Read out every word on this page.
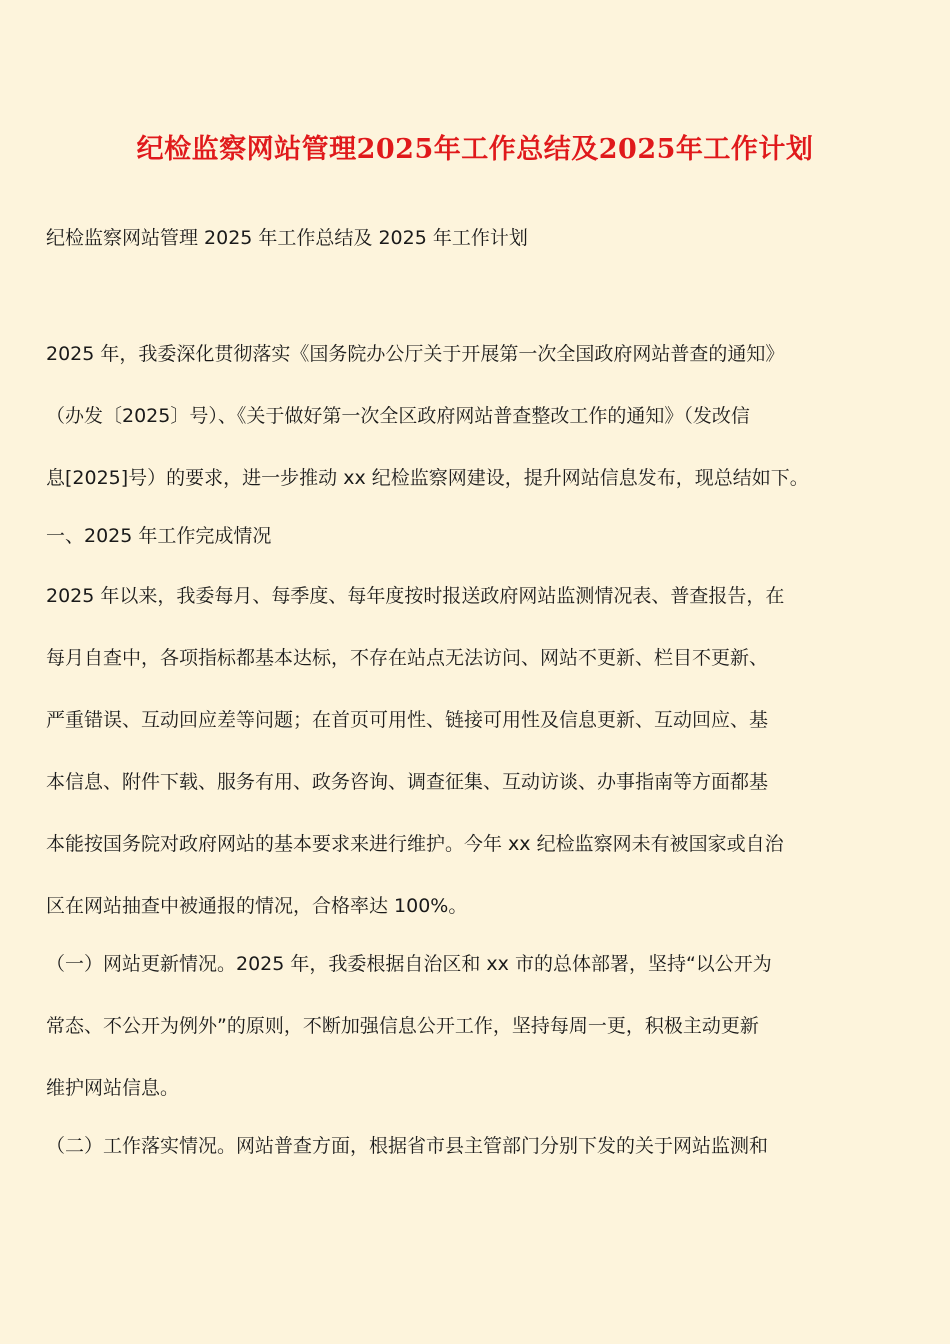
纪检监察网站管理2025年工作总结及2025年工作计划
纪检监察网站管理 2025 年工作总结及 2025 年工作计划
2025 年，我委深化贯彻落实《国务院办公厅关于开展第一次全国政府网站普查的通知》
（办发〔2025〕号）、《关于做好第一次全区政府网站普查整改工作的通知》（发改信
息[2025]号）的要求，进一步推动 xx 纪检监察网建设，提升网站信息发布，现总结如下。
一、2025 年工作完成情况
2025 年以来，我委每月、每季度、每年度按时报送政府网站监测情况表、普查报告，在
每月自查中，各项指标都基本达标，不存在站点无法访问、网站不更新、栏目不更新、
严重错误、互动回应差等问题；在首页可用性、链接可用性及信息更新、互动回应、基
本信息、附件下载、服务有用、政务咨询、调查征集、互动访谈、办事指南等方面都基
本能按国务院对政府网站的基本要求来进行维护。今年 xx 纪检监察网未有被国家或自治
区在网站抽查中被通报的情况，合格率达 100%。
（一）网站更新情况。2025 年，我委根据自治区和 xx 市的总体部署，坚持“以公开为
常态、不公开为例外”的原则，不断加强信息公开工作，坚持每周一更，积极主动更新
维护网站信息。
（二）工作落实情况。网站普查方面，根据省市县主管部门分别下发的关于网站监测和
